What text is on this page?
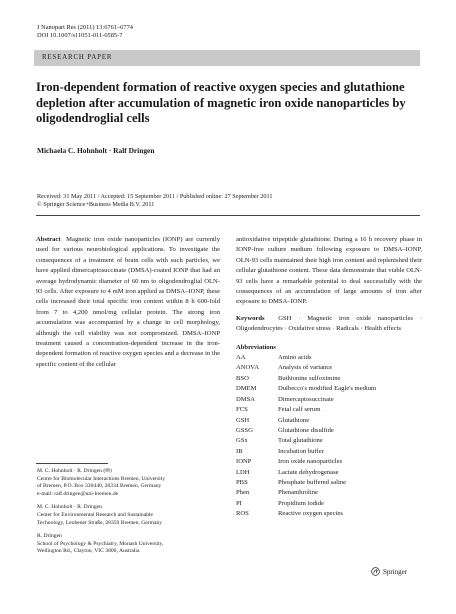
J Nanopart Res (2011) 13:6761–6774
DOI 10.1007/s11051-011-0585-7
RESEARCH PAPER
Iron-dependent formation of reactive oxygen species and glutathione depletion after accumulation of magnetic iron oxide nanoparticles by oligodendroglial cells
Michaela C. Hohnholt · Ralf Dringen
Received: 31 May 2011 / Accepted: 15 September 2011 / Published online: 27 September 2011
© Springer Science+Business Media B.V. 2011
Abstract Magnetic iron oxide nanoparticles (IONP) are currently used for various neurobiological applications. To investigate the consequences of a treatment of brain cells with such particles, we have applied dimercaptosuccinate (DMSA)-coated IONP that had an average hydrodynamic diameter of 60 nm to oligodendroglial OLN-93 cells. After exposure to 4 mM iron applied as DMSA–IONP, these cells increased their total specific iron content within 8 h 600-fold from 7 to 4,200 nmol/mg cellular protein. The strong iron accumulation was accompanied by a change in cell morphology, although the cell viability was not compromized. DMSA–IONP treatment caused a concentration-dependent increase in the iron-dependent formation of reactive oxygen species and a decrease in the specific content of the cellular
antioxidative tripeptide glutathione. During a 16 h recovery phase in IONP-free culture medium following exposure to DMSA–IONP, OLN-93 cells maintained their high iron content and replenished their cellular glutathione content. These data demonstrate that viable OLN-93 cells have a remarkable potential to deal successfully with the consequences of an accumulation of large amounts of iron after exposure to DMSA–IONP.
Keywords GSH · Magnetic iron oxide nanoparticles · Oligodendrocytes · Oxidative stress · Radicals · Health effects
Abbreviations
AA	Amino acids
ANOVA	Analysis of variance
BSO	Buthionine sulfoximine
DMEM	Dulbecco's modified Eagle's medium
DMSA	Dimercaptosuccinate
FCS	Fetal calf serum
GSH	Glutathione
GSSG	Glutathione disulfide
GSx	Total glutathione
IB	Incubation buffer
IONP	Iron oxide nanoparticles
LDH	Lactate dehydrogenase
PBS	Phosphate buffered saline
Phen	Phenanthroline
PI	Propidium iodide
ROS	Reactive oxygen species
M. C. Hohnholt · R. Dringen (✉)
Centre for Biomolecular Interactions Bremen, University
of Bremen, P.O. Box 330440, 28334 Bremen, Germany
e-mail: ralf.dringen@uni-bremen.de
M. C. Hohnholt · R. Dringen
Center for Environmental Research and Sustainable
Technology, Leobener Straße, 28359 Bremen, Germany
R. Dringen
School of Psychology & Psychiatry, Monash University,
Wellington Rd., Clayton, VIC 3800, Australia
Springer
